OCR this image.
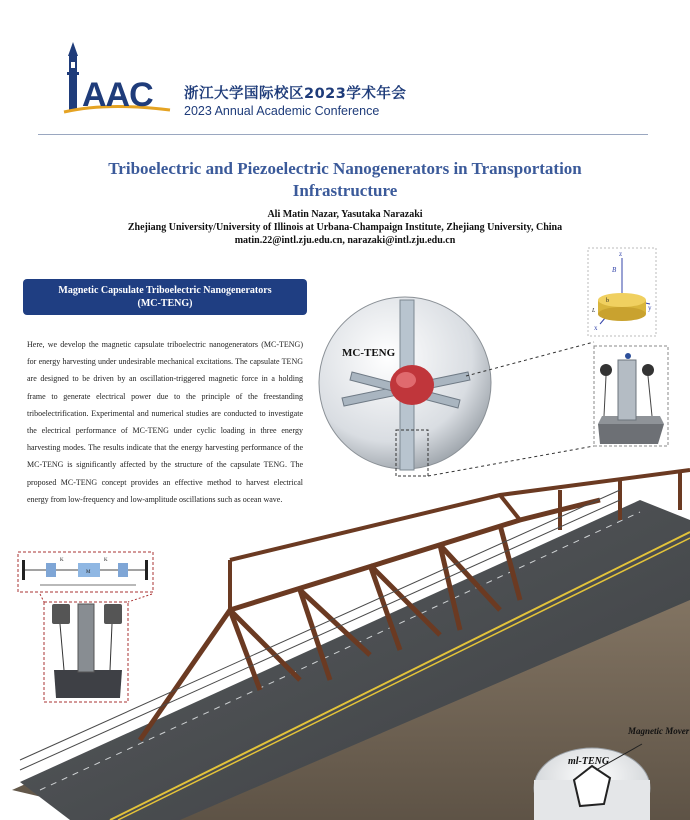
AAC 浙江大学国际校区2023学术年会
2023 Annual Academic Conference
Triboelectric and Piezoelectric Nanogenerators in Transportation Infrastructure
Ali Matin Nazar, Yasutaka Narazaki
Zhejiang University/University of Illinois at Urbana-Champaign Institute, Zhejiang University, China
matin.22@intl.zju.edu.cn, narazaki@intl.zju.edu.cn
Magnetic Capsulate Triboelectric Nanogenerators
(MC-TENG)
Here, we develop the magnetic capsulate triboelectric nanogenerators (MC-TENG) for energy harvesting under undesirable mechanical excitations. The capsulate TENG are designed to be driven by an oscillation-triggered magnetic force in a holding frame to generate electrical power due to the principle of the freestanding triboelectrification. Experimental and numerical studies are conducted to investigate the electrical performance of MC-TENG under cyclic loading in three energy harvesting modes. The results indicate that the energy harvesting performance of the MC-TENG is significantly affected by the structure of the capsulate TENG. The proposed MC-TENG concept provides an effective method to harvest electrical energy from low-frequency and low-amplitude oscillations such as ocean wave.
MC-TENG
z
y
x
B
b
L
K
M
K
Magnetic Mover
ml-TENG
